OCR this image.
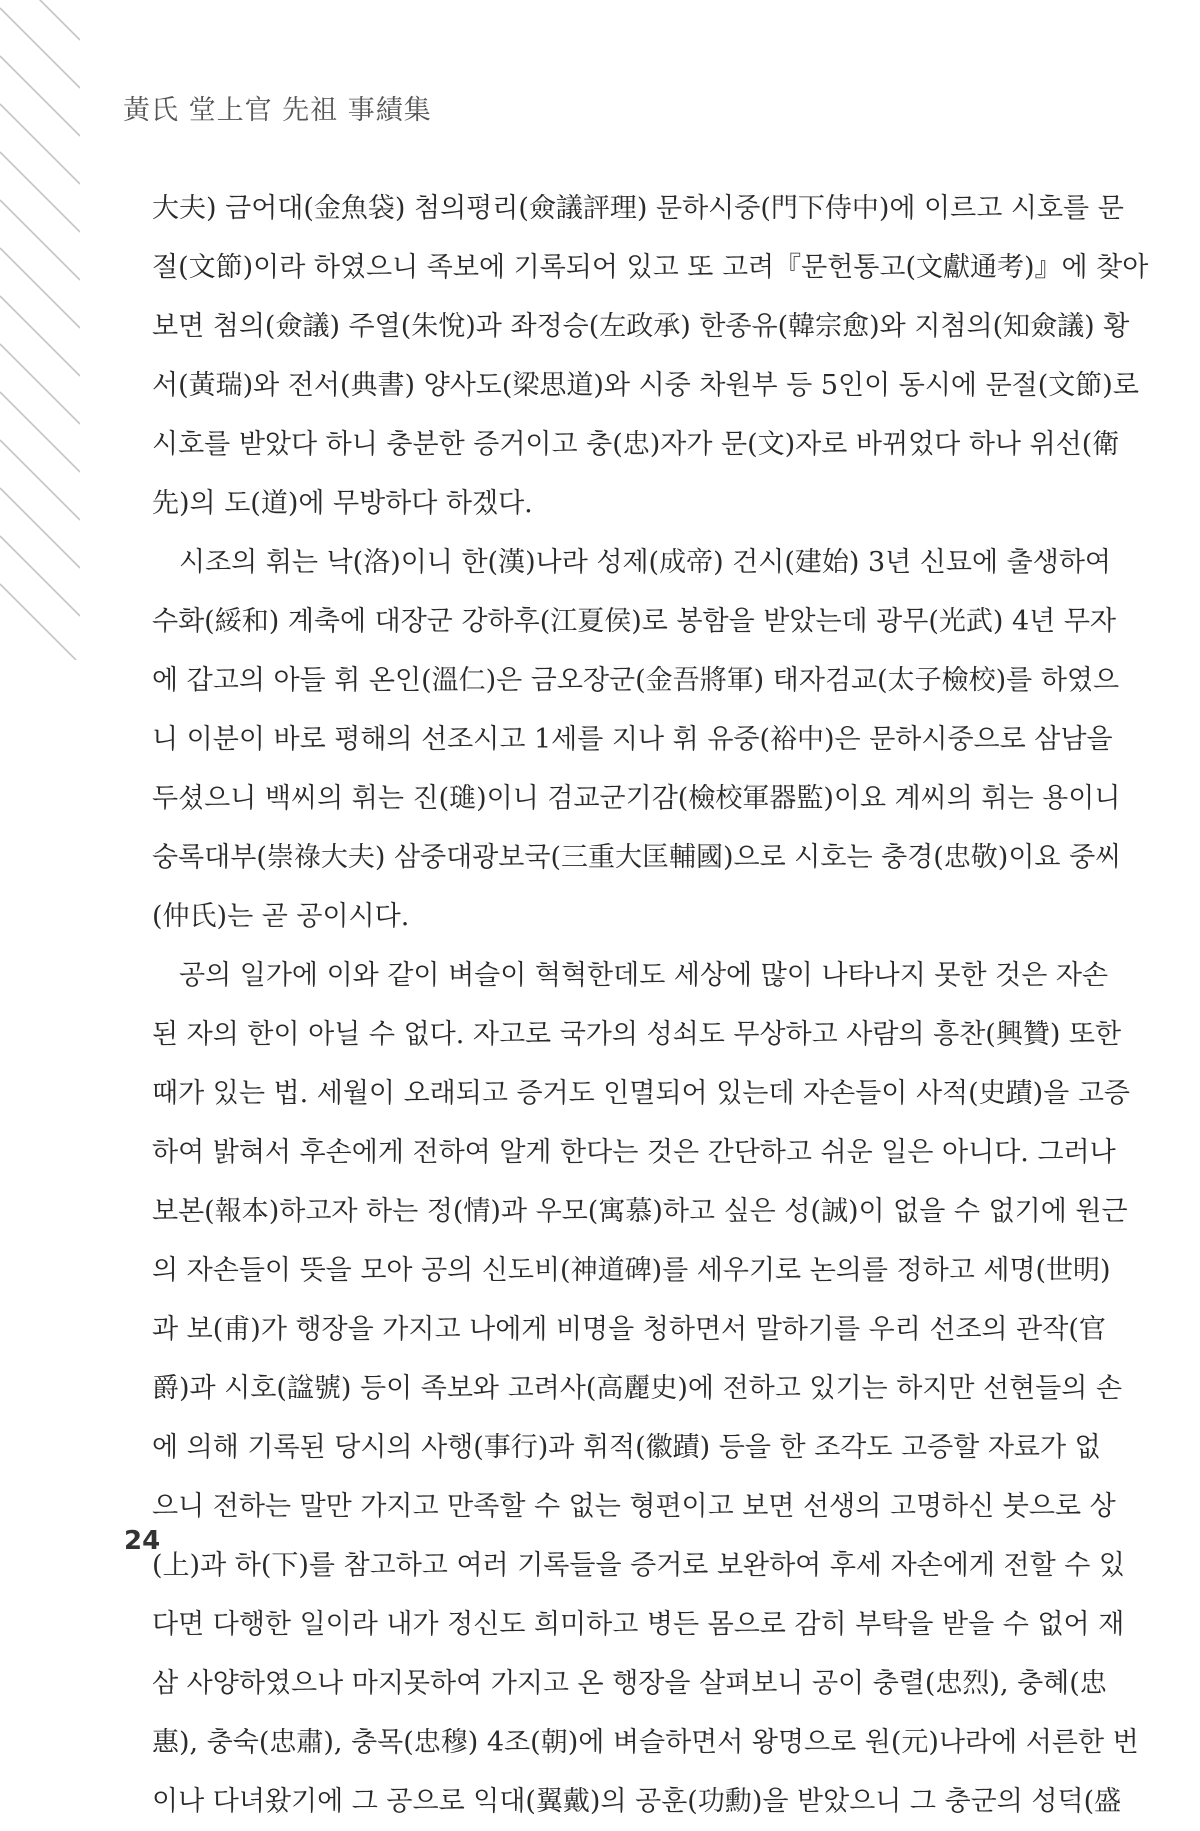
黃氏 堂上官 先祖 事績集
大夫) 금어대(金魚袋) 첨의평리(僉議評理) 문하시중(門下侍中)에 이르고 시호를 문
절(文節)이라 하였으니 족보에 기록되어 있고 또 고려『문헌통고(文獻通考)』에 찾아
보면 첨의(僉議) 주열(朱悅)과 좌정승(左政承) 한종유(韓宗愈)와 지첨의(知僉議) 황
서(黃瑞)와 전서(典書) 양사도(梁思道)와 시중 차원부 등 5인이 동시에 문절(文節)로
시호를 받았다 하니 충분한 증거이고 충(忠)자가 문(文)자로 바뀌었다 하나 위선(衛
先)의 도(道)에 무방하다 하겠다.
　시조의 휘는 낙(洛)이니 한(漢)나라 성제(成帝) 건시(建始) 3년 신묘에 출생하여
수화(綏和) 계축에 대장군 강하후(江夏侯)로 봉함을 받았는데 광무(光武) 4년 무자
에 갑고의 아들 휘 온인(溫仁)은 금오장군(金吾將軍) 태자검교(太子檢校)를 하였으
니 이분이 바로 평해의 선조시고 1세를 지나 휘 유중(裕中)은 문하시중으로 삼남을
두셨으니 백씨의 휘는 진(璡)이니 검교군기감(檢校軍器監)이요 계씨의 휘는 용이니
숭록대부(崇祿大夫) 삼중대광보국(三重大匡輔國)으로 시호는 충경(忠敬)이요 중씨
(仲氏)는 곧 공이시다.
　공의 일가에 이와 같이 벼슬이 혁혁한데도 세상에 많이 나타나지 못한 것은 자손
된 자의 한이 아닐 수 없다. 자고로 국가의 성쇠도 무상하고 사람의 흥찬(興贊) 또한
때가 있는 법. 세월이 오래되고 증거도 인멸되어 있는데 자손들이 사적(史蹟)을 고증
하여 밝혀서 후손에게 전하여 알게 한다는 것은 간단하고 쉬운 일은 아니다. 그러나
보본(報本)하고자 하는 정(情)과 우모(寓慕)하고 싶은 성(誠)이 없을 수 없기에 원근
의 자손들이 뜻을 모아 공의 신도비(神道碑)를 세우기로 논의를 정하고 세명(世明)
과 보(甫)가 행장을 가지고 나에게 비명을 청하면서 말하기를 우리 선조의 관작(官
爵)과 시호(諡號) 등이 족보와 고려사(高麗史)에 전하고 있기는 하지만 선현들의 손
에 의해 기록된 당시의 사행(事行)과 휘적(徽蹟) 등을 한 조각도 고증할 자료가 없
으니 전하는 말만 가지고 만족할 수 없는 형편이고 보면 선생의 고명하신 붓으로 상
(上)과 하(下)를 참고하고 여러 기록들을 증거로 보완하여 후세 자손에게 전할 수 있
다면 다행한 일이라 내가 정신도 희미하고 병든 몸으로 감히 부탁을 받을 수 없어 재
삼 사양하였으나 마지못하여 가지고 온 행장을 살펴보니 공이 충렬(忠烈), 충혜(忠
惠), 충숙(忠肅), 충목(忠穆) 4조(朝)에 벼슬하면서 왕명으로 원(元)나라에 서른한 번
이나 다녀왔기에 그 공으로 익대(翼戴)의 공훈(功勳)을 받았으니 그 충군의 성덕(盛
24
